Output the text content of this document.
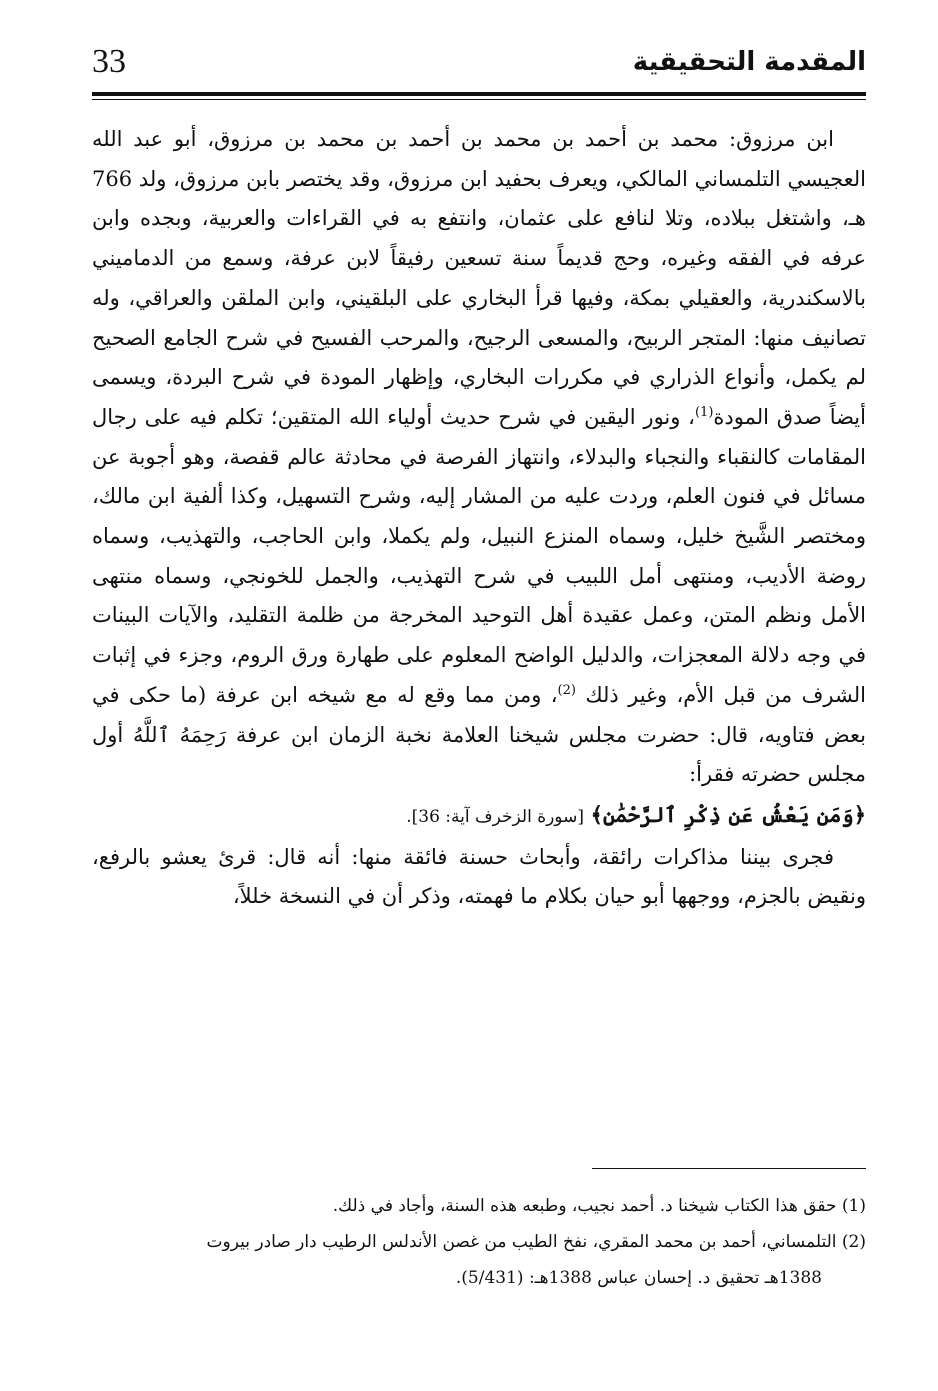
33	المقدمة التحقيقية

ابن مرزوق: محمد بن أحمد بن محمد بن أحمد بن محمد بن مرزوق، أبو عبد الله العجيسي التلمساني المالكي، ويعرف بحفيد ابن مرزوق، وقد يختصر بابن مرزوق، ولد 766 هـ، واشتغل ببلاده، وتلا لنافع على عثمان، وانتفع به في القراءات والعربية، وبجده وابن عرفه في الفقه وغيره، وحج قديماً سنة تسعين رفيقاً لابن عرفة، وسمع من الدماميني بالاسكندرية، والعقيلي بمكة، وفيها قرأ البخاري على البلقيني، وابن الملقن والعراقي، وله تصانيف منها: المتجر الربيح، والمسعى الرجيح، والمرحب الفسيح في شرح الجامع الصحيح لم يكمل، وأنواع الذراري في مكررات البخاري، وإظهار المودة في شرح البردة، ويسمى أيضاً صدق المودة$^{(1)}$، ونور اليقين في شرح حديث أولياء الله المتقين؛ تكلم فيه على رجال المقامات كالنقباء والنجباء والبدلاء، وانتهاز الفرصة في محادثة عالم قفصة، وهو أجوبة عن مسائل في فنون العلم، وردت عليه من المشار إليه، وشرح التسهيل، وكذا ألفية ابن مالك، ومختصر الشَّيخ خليل، وسماه المنزع النبيل، ولم يكملا، وابن الحاجب، والتهذيب، وسماه روضة الأديب، ومنتهى أمل اللبيب في شرح التهذيب، والجمل للخونجي، وسماه منتهى الأمل ونظم المتن، وعمل عقيدة أهل التوحيد المخرجة من ظلمة التقليد، والآيات البينات في وجه دلالة المعجزات، والدليل الواضح المعلوم على طهارة ورق الروم، وجزء في إثبات الشرف من قبل الأم، وغير ذلك $^{(2)}$، ومن مما وقع له مع شيخه ابن عرفة (ما حكى في بعض فتاويه، قال: حضرت مجلس شيخنا العلامة نخبة الزمان ابن عرفة رَحِمَهُ ٱللَّهُ أول مجلس حضرته فقرأ:
﴿وَمَن يَعْشُ عَن ذِكْرِ ٱلرَّحْمَٰنِ﴾ [سورة الزخرف آية: 36].

فجرى بيننا مذاكرات رائقة، وأبحاث حسنة فائقة منها: أنه قال: قرئ يعشو بالرفع، ونقيض بالجزم، ووجهها أبو حيان بكلام ما فهمته، وذكر أن في النسخة خللاً،

(1) حقق هذا الكتاب شيخنا د. أحمد نجيب، وطبعه هذه السنة، وأجاد في ذلك.

(2) التلمساني، أحمد بن محمد المقري، نفخ الطيب من غصن الأندلس الرطيب دار صادر بيروت

1388هـ تحقيق د. إحسان عباس 1388هـ: (5/431).
